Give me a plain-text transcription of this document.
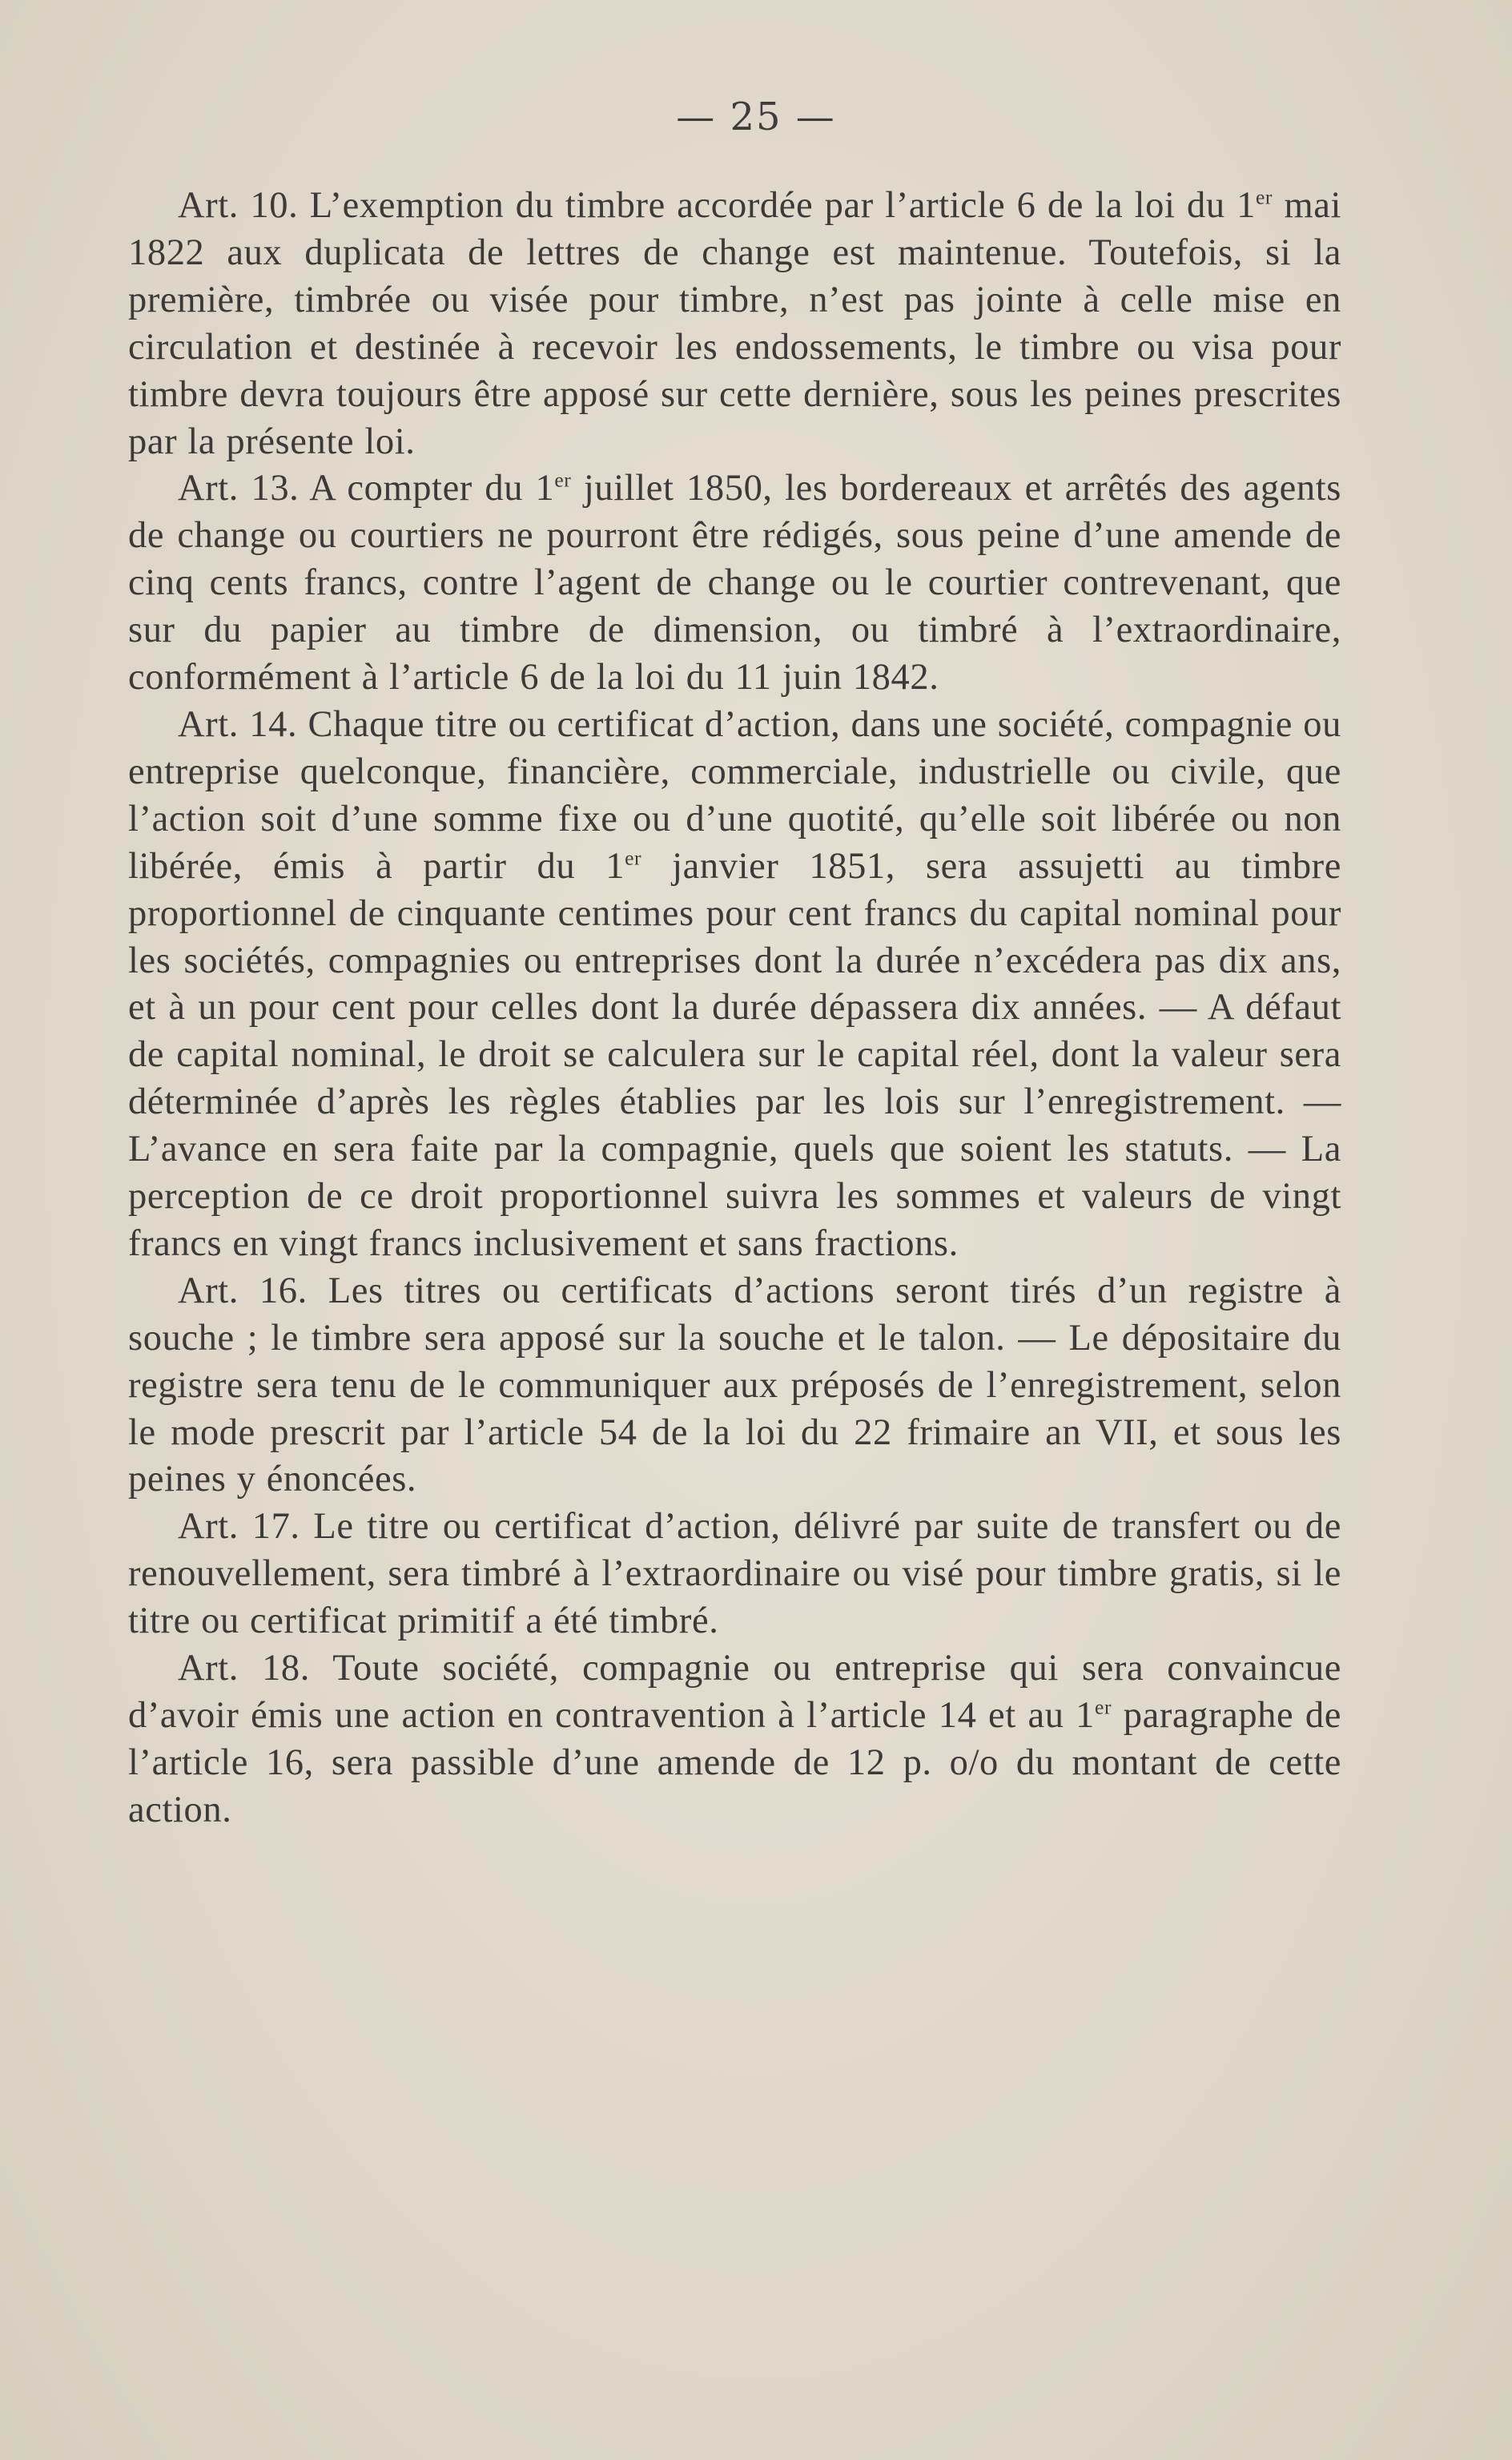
— 25 —

Art. 10. L’exemption du timbre accordée par l’article 6 de la loi du 1er mai 1822 aux duplicata de lettres de change est maintenue. Toutefois, si la première, timbrée ou visée pour timbre, n’est pas jointe à celle mise en circulation et destinée à recevoir les endossements, le timbre ou visa pour timbre devra toujours être apposé sur cette dernière, sous les peines prescrites par la présente loi.

Art. 13. A compter du 1er juillet 1850, les bordereaux et arrêtés des agents de change ou courtiers ne pourront être rédigés, sous peine d’une amende de cinq cents francs, contre l’agent de change ou le courtier contrevenant, que sur du papier au timbre de dimension, ou timbré à l’extraordinaire, conformément à l’article 6 de la loi du 11 juin 1842.

Art. 14. Chaque titre ou certificat d’action, dans une société, compagnie ou entreprise quelconque, financière, commerciale, industrielle ou civile, que l’action soit d’une somme fixe ou d’une quotité, qu’elle soit libérée ou non libérée, émis à partir du 1er janvier 1851, sera assujetti au timbre proportionnel de cinquante centimes pour cent francs du capital nominal pour les sociétés, compagnies ou entreprises dont la durée n’excédera pas dix ans, et à un pour cent pour celles dont la durée dépassera dix années. — A défaut de capital nominal, le droit se calculera sur le capital réel, dont la valeur sera déterminée d’après les règles établies par les lois sur l’enregistrement. — L’avance en sera faite par la compagnie, quels que soient les statuts. — La perception de ce droit proportionnel suivra les sommes et valeurs de vingt francs en vingt francs inclusivement et sans fractions.

Art. 16. Les titres ou certificats d’actions seront tirés d’un registre à souche ; le timbre sera apposé sur la souche et le talon. — Le dépositaire du registre sera tenu de le communiquer aux préposés de l’enregistrement, selon le mode prescrit par l’article 54 de la loi du 22 frimaire an VII, et sous les peines y énoncées.

Art. 17. Le titre ou certificat d’action, délivré par suite de transfert ou de renouvellement, sera timbré à l’extraordinaire ou visé pour timbre gratis, si le titre ou certificat primitif a été timbré.

Art. 18. Toute société, compagnie ou entreprise qui sera convaincue d’avoir émis une action en contravention à l’article 14 et au 1er paragraphe de l’article 16, sera passible d’une amende de 12 p. o/o du montant de cette action.
